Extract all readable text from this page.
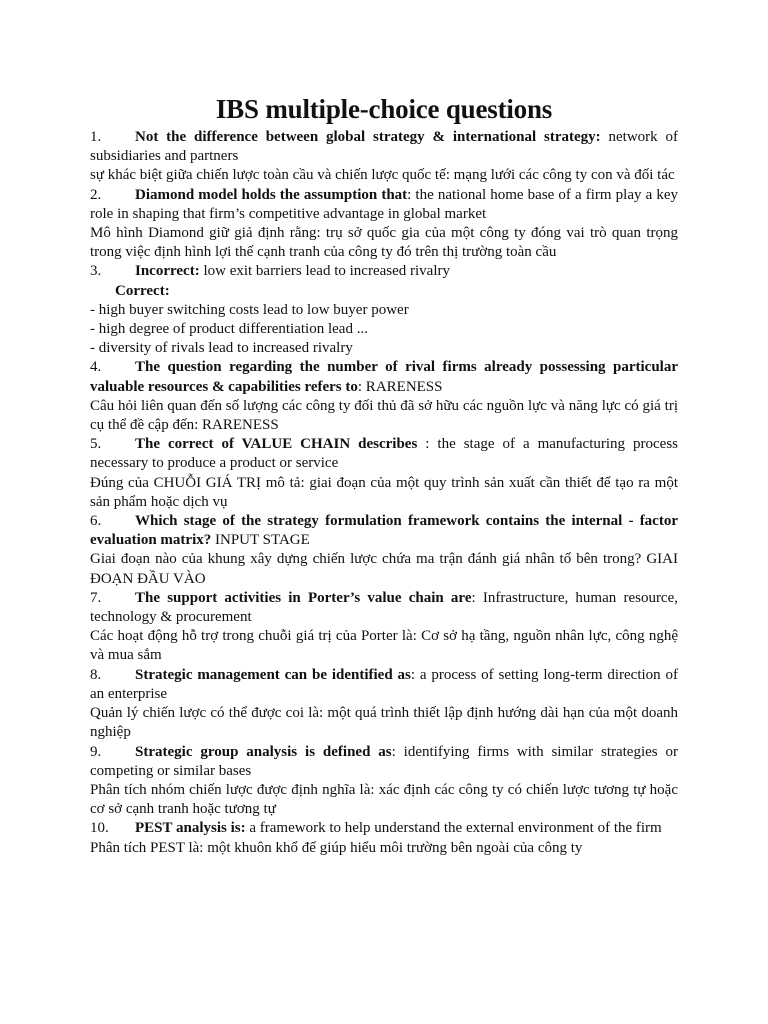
IBS multiple-choice questions

1. Not the difference between global strategy & international strategy: network of subsidiaries and partners

sự khác biệt giữa chiến lược toàn cầu và chiến lược quốc tế: mạng lưới các công ty con và đối tác

2. Diamond model holds the assumption that: the national home base of a firm play a key role in shaping that firm’s competitive advantage in global market

Mô hình Diamond giữ giả định rằng: trụ sở quốc gia của một công ty đóng vai trò quan trọng trong việc định hình lợi thế cạnh tranh của công ty đó trên thị trường toàn cầu

3. Incorrect: low exit barriers lead to increased rivalry

Correct:

- high buyer switching costs lead to low buyer power

- high degree of product differentiation lead ...

- diversity of rivals lead to increased rivalry

4. The question regarding the number of rival firms already possessing particular valuable resources & capabilities refers to: RARENESS

Câu hỏi liên quan đến số lượng các công ty đối thủ đã sở hữu các nguồn lực và năng lực có giá trị cụ thể đề cập đến: RARENESS

5. The correct of VALUE CHAIN describes : the stage of a manufacturing process necessary to produce a product or service

Đúng của CHUỖI GIÁ TRỊ mô tả: giai đoạn của một quy trình sản xuất cần thiết để tạo ra một sản phẩm hoặc dịch vụ

6. Which stage of the strategy formulation framework contains the internal - factor evaluation matrix? INPUT STAGE

Giai đoạn nào của khung xây dựng chiến lược chứa ma trận đánh giá nhân tố bên trong? GIAI ĐOẠN ĐẦU VÀO

7. The support activities in Porter’s value chain are: Infrastructure, human resource, technology & procurement

Các hoạt động hỗ trợ trong chuỗi giá trị của Porter là: Cơ sở hạ tầng, nguồn nhân lực, công nghệ và mua sắm

8. Strategic management can be identified as: a process of setting long-term direction of an enterprise

Quản lý chiến lược có thể được coi là: một quá trình thiết lập định hướng dài hạn của một doanh nghiệp

9. Strategic group analysis is defined as: identifying firms with similar strategies or competing or similar bases

Phân tích nhóm chiến lược được định nghĩa là: xác định các công ty có chiến lược tương tự hoặc cơ sở cạnh tranh hoặc tương tự

10. PEST analysis is: a framework to help understand the external environment of the firm

Phân tích PEST là: một khuôn khổ để giúp hiểu môi trường bên ngoài của công ty
